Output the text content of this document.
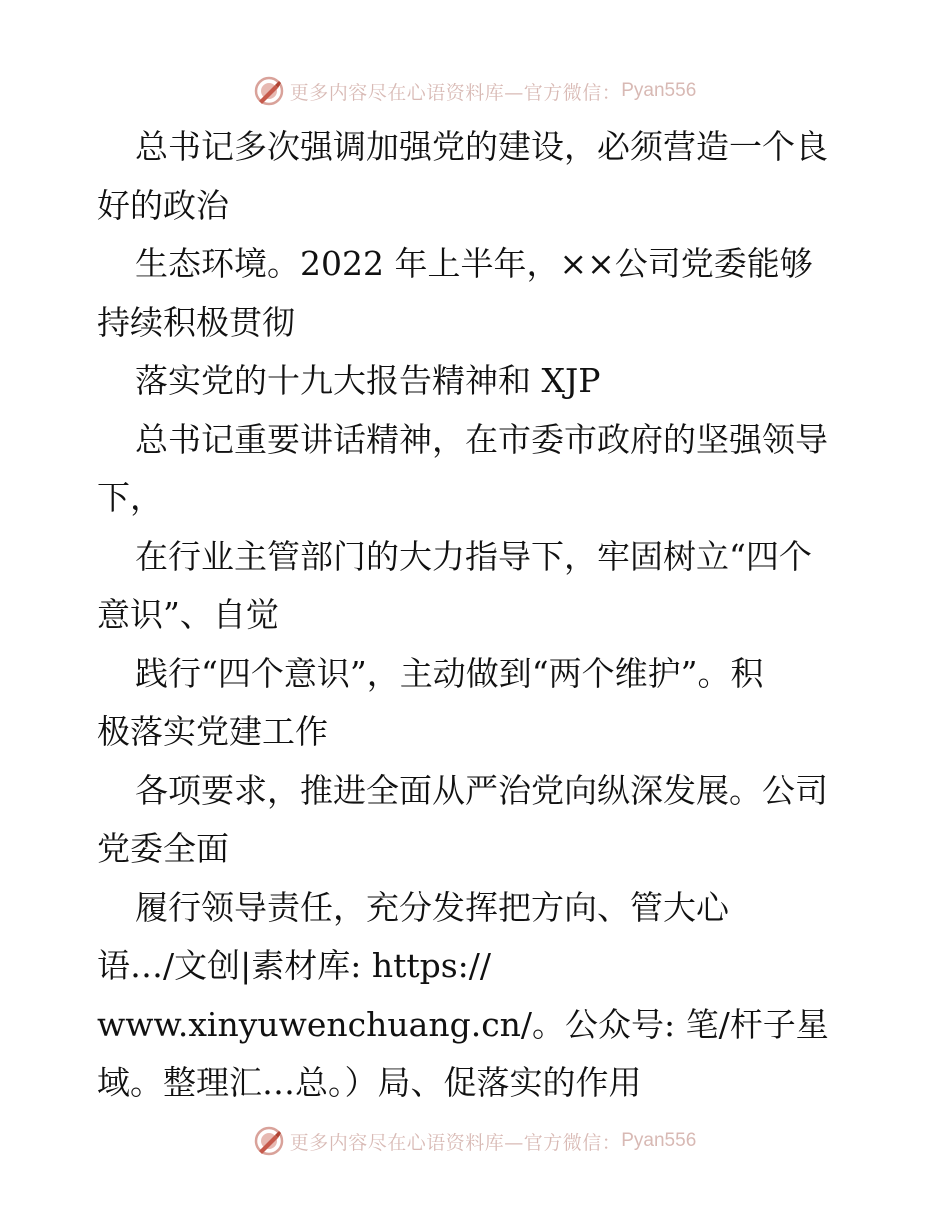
更多内容尽在心语资料库—官方微信： Pyan556
总书记多次强调加强党的建设，必须营造一个良
好的政治
生态环境。2022 年上半年，××公司党委能够
持续积极贯彻
落实党的十九大报告精神和 XJP
总书记重要讲话精神，在市委市政府的坚强领导
下，
在行业主管部门的大力指导下，牢固树立“四个
意识”、自觉
践行“四个意识”，主动做到“两个维护”。积
极落实党建工作
各项要求，推进全面从严治党向纵深发展。公司
党委全面
履行领导责任，充分发挥把方向、管大心
语…/文创|素材库: https://
www.xinyuwenchuang.cn/。公众号: 笔/杆子星
域。整理汇…总。）局、促落实的作用
更多内容尽在心语资料库—官方微信： Pyan556
